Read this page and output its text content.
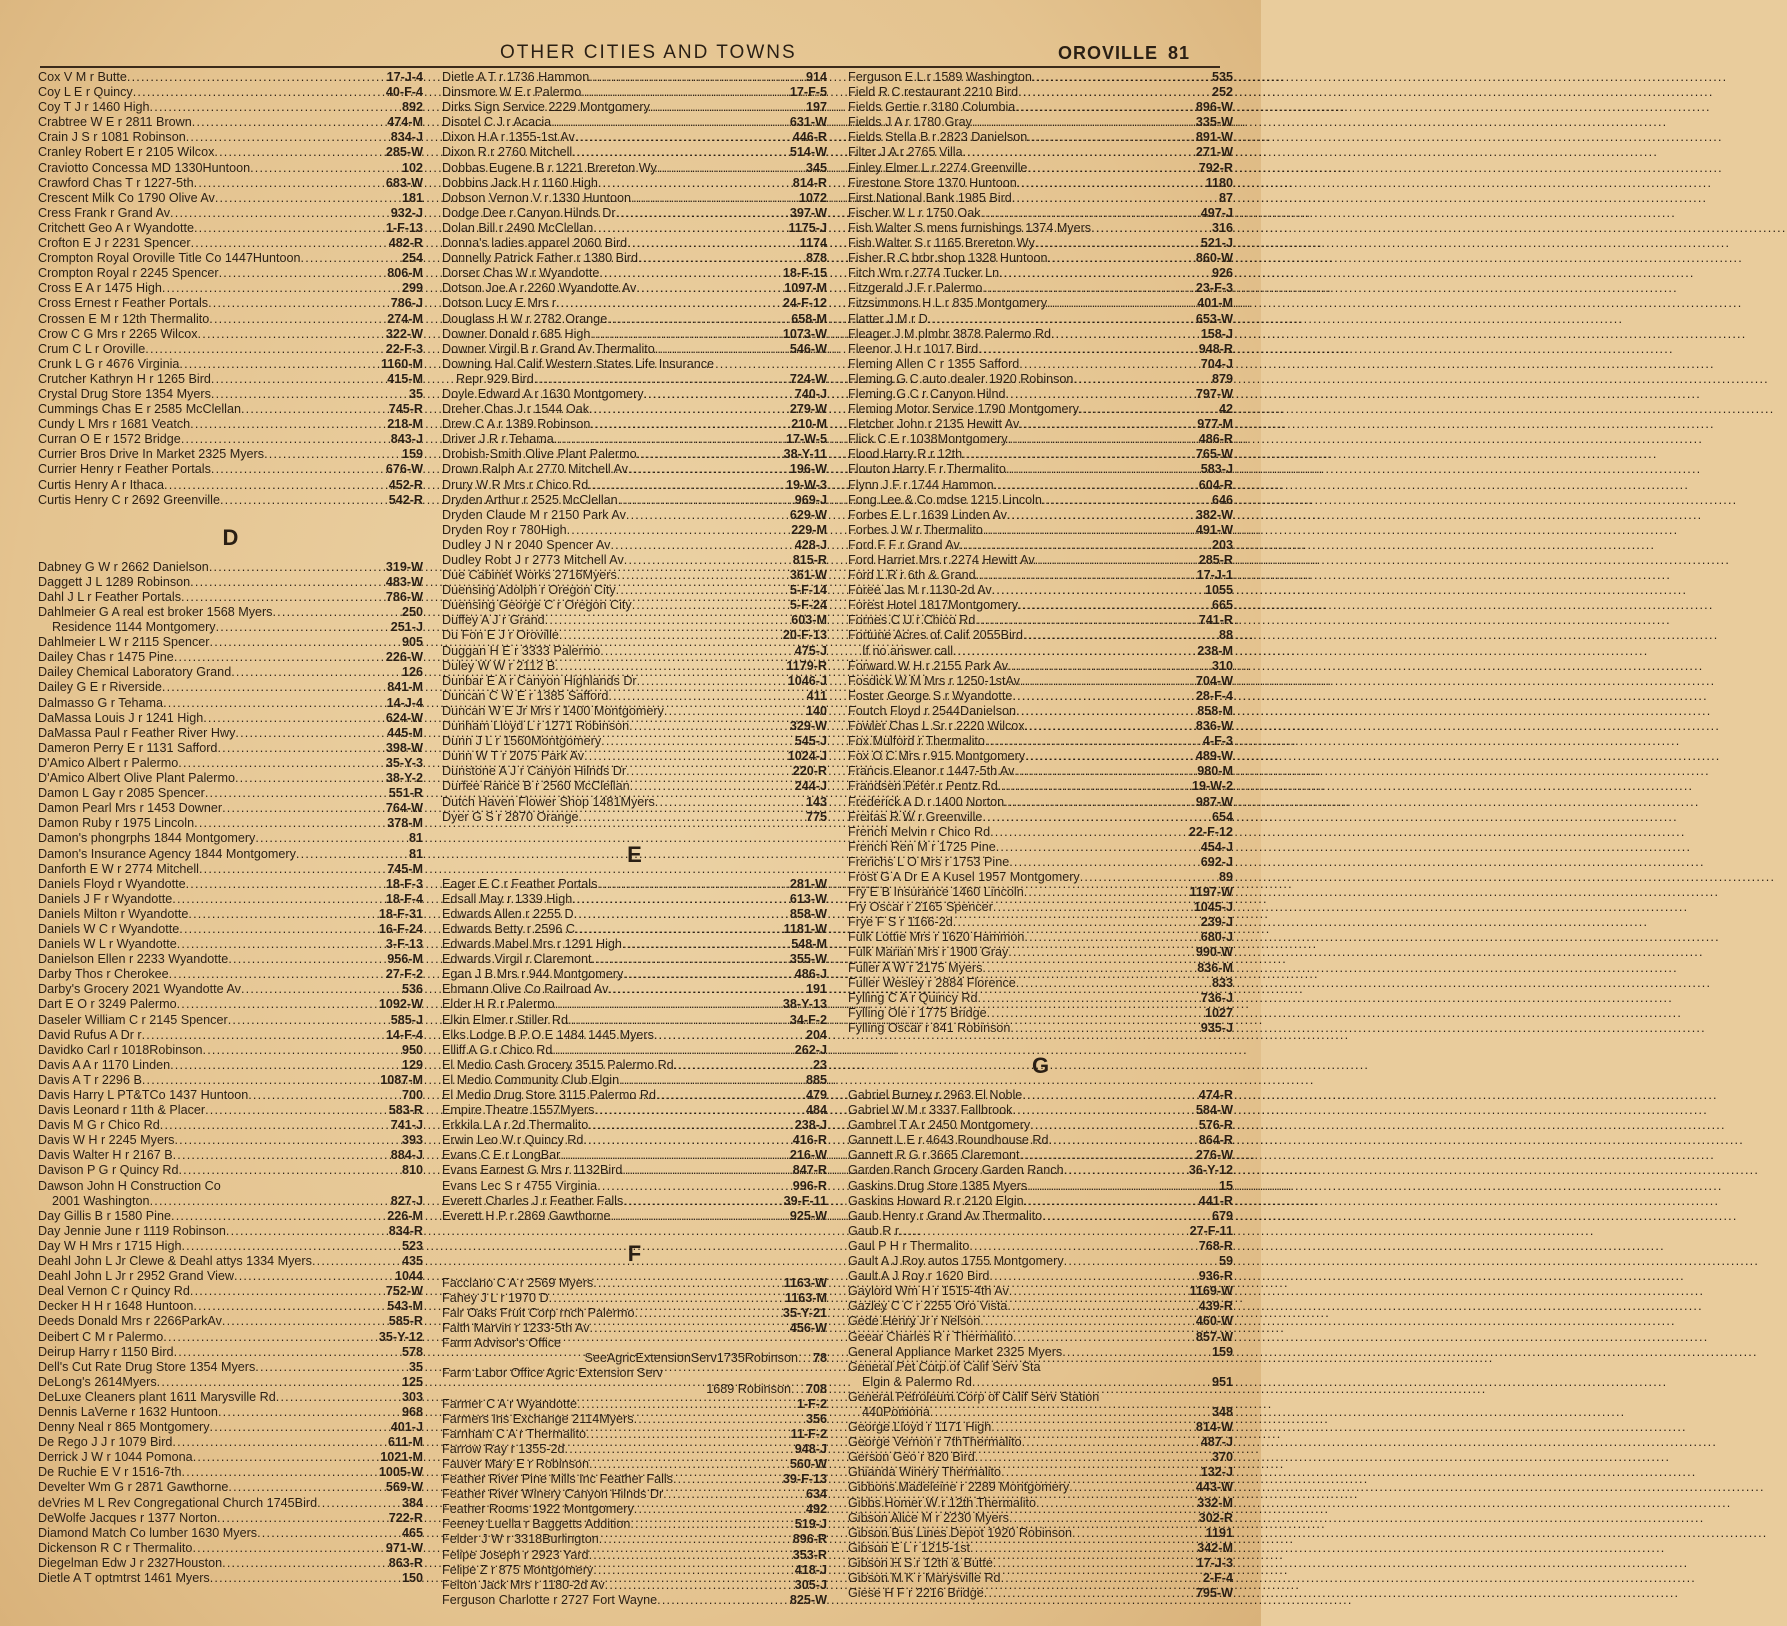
OTHER CITIES AND TOWNS	OROVILLE 81
Cox V M r Butte .....	17-J-4
Coy L E r Quincy .....	40-F-4
Coy T J r 1460 High .....	892
Crabtree W E r 2811 Brown .....	474-M
Crain J S r 1081 Robinson .....	834-J
Cranley Robert E r 2105 Wilcox .....	285-W
Craviotto Concessa MD 1330Huntoon .....	102
Crawford Chas T r 1227-5th .....	683-W
Crescent Milk Co 1790 Olive Av .....	181
Cress Frank r Grand Av .....	932-J
Critchett Geo A r Wyandotte .....	1-F-13
Crofton E J r 2231 Spencer .....	482-R
Crompton Royal Oroville Title Co 1447Huntoon .....	254
Crompton Royal r 2245 Spencer .....	806-M
Cross E A r 1475 High .....	299
Cross Ernest r Feather Portals .....	786-J
Crossen E M r 12th Thermalito .....	274-M
Crow C G Mrs r 2265 Wilcox .....	322-W
Crum C L r Oroville .....	22-F-3
Crunk L G r 4676 Virginia .....	1160-M
Crutcher Kathryn H r 1265 Bird .....	415-M
Crystal Drug Store 1354 Myers .....	35
Cummings Chas E r 2585 McClellan .....	745-R
Cundy L Mrs r 1681 Veatch .....	218-M
Curran O E r 1572 Bridge .....	843-J
Currier Bros Drive In Market 2325 Myers .....	159
Currier Henry r Feather Portals .....	676-W
Curtis Henry A r Ithaca .....	452-R
Curtis Henry C r 2692 Greenville .....	542-R
D
Dabney G W r 2662 Danielson .....	319-W
Daggett J L 1289 Robinson .....	483-W
Dahl J L r Feather Portals .....	786-W
Dahlmeier G A real est broker 1568 Myers .....	250
Residence 1144 Montgomery .....	251-J
Dahlmeier L W r 2115 Spencer .....	905
Dailey Chas r 1475 Pine .....	226-W
Dailey Chemical Laboratory Grand .....	126
Dailey G E r Riverside .....	841-M
Dalmasso G r Tehama .....	14-J-4
DaMassa Louis J r 1241 High .....	624-W
DaMassa Paul r Feather River Hwy .....	445-M
Dameron Perry E r 1131 Safford .....	398-W
D'Amico Albert r Palermo .....	35-Y-3
D'Amico Albert Olive Plant Palermo .....	38-Y-2
Damon L Gay r 2085 Spencer .....	551-R
Damon Pearl Mrs r 1453 Downer .....	764-W
Damon Ruby r 1975 Lincoln .....	378-M
Damon's phongrphs 1844 Montgomery .....	81
Damon's Insurance Agency 1844 Montgomery .....	81
Danforth E W r 2774 Mitchell .....	745-M
Daniels Floyd r Wyandotte .....	18-F-3
Daniels J F r Wyandotte .....	18-F-4
Daniels Milton r Wyandotte .....	18-F-31
Daniels W C r Wyandotte .....	16-F-24
Daniels W L r Wyandotte .....	3-F-13
Danielson Ellen r 2233 Wyandotte .....	956-M
Darby Thos r Cherokee .....	27-F-2
Darby's Grocery 2021 Wyandotte Av .....	536
Dart E O r 3249 Palermo .....	1092-W
Daseler William C r 2145 Spencer .....	585-J
David Rufus A Dr r .....	14-F-4
Davidko Carl r 1018Robinson .....	950
Davis A A r 1170 Linden .....	129
Davis A T r 2296 B .....	1087-M
Davis Harry L PT&TCo 1437 Huntoon .....	700
Davis Leonard r 11th & Placer .....	583-R
Davis M G r Chico Rd .....	741-J
Davis W H r 2245 Myers .....	393
Davis Walter H r 2167 B .....	884-J
Davison P G r Quincy Rd .....	810
Dawson John H Construction Co
2001 Washington .....	827-J
Day Gillis B r 1580 Pine .....	226-M
Day Jennie June r 1119 Robinson .....	834-R
Day W H Mrs r 1715 High .....	523
Deahl John L Jr Clewe & Deahl attys 1334 Myers .....	435
Deahl John L Jr r 2952 Grand View .....	1044
Deal Vernon C r Quincy Rd .....	752-W
Decker H H r 1648 Huntoon .....	543-M
Deeds Donald Mrs r 2266ParkAv .....	585-R
Deibert C M r Palermo .....	35-Y-12
Deirup Harry r 1150 Bird .....	578
Dell's Cut Rate Drug Store 1354 Myers .....	35
DeLong's 2614Myers .....	125
DeLuxe Cleaners plant 1611 Marysville Rd .....	303
Dennis LaVerne r 1632 Huntoon .....	968
Denny Neal r 865 Montgomery .....	401-J
De Rego J J r 1079 Bird .....	611-M
Derrick J W r 1044 Pomona .....	1021-M
De Ruchie E V r 1516-7th .....	1005-W
Develter Wm G r 2871 Gawthorne .....	569-W
deVries M L Rev Congregational Church 1745Bird .....	384
DeWolfe Jacques r 1377 Norton .....	722-R
Diamond Match Co lumber 1630 Myers .....	465
Dickenson R C r Thermalito .....	971-W
Diegelman Edw J r 2327Houston .....	863-R
Dietle A T optmtrst 1461 Myers .....	150
Dietle A T r 1736 Hammon .....	914
Dinsmore W E r Palermo .....	17-F-5
Dirks Sign Service 2229 Montgomery .....	197
Disotel C J r Acacia .....	631-W
Dixon H A r 1355-1st Av .....	446-R
Dixon R r 2760 Mitchell .....	514-W
Dobbas Eugene B r 1221 Brereton Wy .....	345
Dobbins Jack H r 1160 High .....	814-R
Dobson Vernon V r 1330 Huntoon .....	1072
Dodge Dee r Canyon Hilnds Dr .....	397-W
Dolan Bill r 2490 McClellan .....	1175-J
Donna's ladies apparel 2060 Bird .....	1174
Donnelly Patrick Father r 1380 Bird .....	878
Dorser Chas W r Wyandotte .....	18-F-15
Dotson Joe A r 2260 Wyandotte Av .....	1097-M
Dotson Lucy E Mrs r .....	24-F-12
Douglass H W r 2782 Orange .....	658-M
Downer Donald r 685 High .....	1073-W
Downer Virgil B r Grand Av Thermalito .....	546-W
Downing Hal Calif Western States Life Insurance
Repr 929 Bird .....	724-W
Doyle Edward A r 1630 Montgomery .....	740-J
Dreher Chas J r 1544 Oak .....	279-W
Drew C A r 1389 Robinson .....	210-M
Driver J R r Tehama .....	17-W-5
Drobish-Smith Olive Plant Palermo .....	38-Y-11
Drown Ralph A r 2770 Mitchell Av .....	196-W
Drury W R Mrs r Chico Rd .....	19-W-3
Dryden Arthur r 2525 McClellan .....	969-J
Dryden Claude M r 2150 Park Av .....	629-W
Dryden Roy r 780High .....	229-M
Dudley J N r 2040 Spencer Av .....	428-J
Dudley Robt J r 2773 Mitchell Av .....	815-R
Due Cabinet Works 2716Myers .....	361-W
Duensing Adolph r Oregon City .....	5-F-14
Duensing George C r Oregon City .....	5-F-24
Duffey A J r Grand .....	603-M
Du Fon E J r Oroville .....	20-F-13
Duggan H E r 3333 Palermo .....	475-J
Duley W W r 2112 B .....	1179-R
Dunbar E A r Canyon Highlands Dr .....	1046-J
Duncan C W E r 1385 Safford .....	411
Duncan W E Jr Mrs r 1400 Montgomery .....	140
Dunham Lloyd L r 1271 Robinson .....	329-W
Dunn J L r 1560Montgomery .....	545-J
Dunn W T r 2075 Park Av .....	1024-J
Dunstone A J r Canyon Hilnds Dr .....	220-R
Durfee Rance B r 2560 McClellan .....	244-J
Dutch Haven Flower Shop 1481Myers .....	143
Dyer G S r 2870 Orange .....	775
E
Eager E C r Feather Portals .....	281-W
Edsall May r 1339 High .....	613-W
Edwards Allen r 2255 D .....	858-W
Edwards Betty r 2596 C .....	1181-W
Edwards Mabel Mrs r 1291 High .....	548-M
Edwards Virgil r Claremont .....	355-W
Egan J B Mrs r 944 Montgomery .....	486-J
Ehmann Olive Co Railroad Av .....	191
Elder H R r Palermo .....	38-Y-13
Elkin Elmer r Stiller Rd .....	34-F-2
Elks Lodge B P O E 1484 1445 Myers .....	204
Elliff A G r Chico Rd .....	262-J
El Medio Cash Grocery 3515 Palermo Rd .....	23
El Medio Community Club Elgin .....	885
El Medio Drug Store 3115 Palermo Rd .....	479
Empire Theatre 1557Myers .....	484
Erkkila L A r 2d Thermalito .....	238-J
Erwin Leo W r Quincy Rd .....	416-R
Evans C E r LongBar .....	216-W
Evans Earnest G Mrs r 1132Bird .....	847-R
Evans Lec S r 4755 Virginia .....	996-R
Everett Charles J r Feather Falls .....	39-F-11
Everett H P r 2869 Gawthorne .....	925-W
F
Facciano C A r 2569 Myers .....	1163-W
Fahey J L r 1970 D .....	1163-M
Fair Oaks Fruit Corp rnch Palermo .....	35-Y-21
Faith Marvin r 1233-5th Av .....	456-W
Farm Advisor's Office
SeeAgricExtensionServ1735Robinson ..... 78
Farm Labor Office Agric Extension Serv
1689 Robinson ..... 708
Farmer C A r Wyandotte .....	1-F-2
Farmers Ins Exchange 2114Myers .....	356
Farnham C A r Thermalito .....	11-F-2
Farrow Ray r 1355-2d .....	948-J
Fauver Mary E r Robinson .....	560-W
Feather River Pine Mills Inc Feather Falls .....	39-F-13
Feather River Winery Canyon Hilnds Dr .....	634
Feather Rooms 1922 Montgomery .....	492
Feeney Luella r Baggetts Addition .....	519-J
Felder J W r 3318Burlington .....	896-R
Felipe Joseph r 2923 Yard .....	353-R
Felipe Z r 875 Montgomery .....	418-J
Felton Jack Mrs r 1180-2d Av .....	305-J
Ferguson Charlotte r 2727 Fort Wayne .....	825-W
Ferguson E L r 1589 Washington .....	535
Field R C restaurant 2210 Bird .....	252
Fields Gertie r 3180 Columbia .....	896-W
Fields J A r 1780 Gray .....	335-W
Fields Stella B r 2823 Danielson .....	891-W
Filter J A r 2765 Villa .....	271-W
Finley Elmer L r 2274 Greenville .....	792-R
Firestone Store 1370 Huntoon .....	1180
First National Bank 1985 Bird .....	87
Fischer W L r 1750 Oak .....	497-J
Fish Walter S mens furnishings 1374 Myers .....	316
Fish Walter S r 1165 Brereton Wy .....	521-J
Fisher R C brbr shop 1328 Huntoon .....	860-W
Fitch Wm r 2774 Tucker Ln .....	926
Fitzgerald J F r Palermo .....	23-F-3
Fitzsimmons H L r 835 Montgomery .....	401-M
Flatter J M r D .....	653-W
Fleager J M plmbr 3878 Palermo Rd .....	158-J
Fleenor J H r 1017 Bird .....	948-R
Fleming Allen C r 1355 Safford .....	704-J
Fleming G C auto dealer 1920 Robinson .....	879
Fleming G C r Canyon Hilnd .....	797-W
Fleming Motor Service 1790 Montgomery .....	42
Fletcher John r 2135 Hewitt Av .....	977-M
Flick C E r 1038Montgomery .....	486-R
Flood Harry R r 12th .....	765-W
Flouton Harry F r Thermalito .....	583-J
Flynn J F r 1744 Hammon .....	604-R
Fong Lee & Co mdse 1215 Lincoln .....	646
Forbes E L r 1639 Linden Av .....	382-W
Forbes J W r Thermalito .....	491-W
Ford F F r Grand Av .....	203
Ford Harriet Mrs r 2274 Hewitt Av .....	285-R
Ford L R r 6th & Grand .....	17-J-1
Foree Jas M r 1130-2d Av .....	1055
Forest Hotel 1817Montgomery .....	665
Fornes C U r Chico Rd .....	741-R
Fortune Acres of Calif 2055Bird .....	88
If no answer call .....	238-M
Forward W H r 2155 Park Av .....	310
Fosdick W M Mrs r 1250-1stAv .....	704-W
Foster George S r Wyandotte .....	28-F-4
Foutch Floyd r 2544Danielson .....	858-M
Fowler Chas L Sr r 2220 Wilcox .....	836-W
Fox Mulford r Thermalito .....	4-F-3
Fox O C Mrs r 915 Montgomery .....	489-W
Francis Eleanor r 1447-5th Av .....	980-M
Frandsen Peter r Pentz Rd .....	19-W-2
Frederick A D r 1400 Norton .....	987-W
Freitas R W r Greenville .....	654
French Melvin r Chico Rd .....	22-F-12
French Ren M r 1725 Pine .....	454-J
Frerichs L O Mrs r 1753 Pine .....	692-J
Frost G A Dr E A Kusel 1957 Montgomery .....	89
Fry E B Insurance 1460 Lincoln .....	1197-W
Fry Oscar r 2165 Spencer .....	1045-J
Frye F S r 1166-2d .....	239-J
Fulk Lottie Mrs r 1620 Hammon .....	680-J
Fulk Marian Mrs r 1900 Gray .....	990-W
Fuller A W r 2175 Myers .....	836-M
Fuller Wesley r 2884 Florence .....	833
Fylling C A r Quincy Rd .....	736-J
Fylling Ole r 1775 Bridge .....	1027
Fylling Oscar r 841 Robinson .....	935-J
G
Gabriel Burney r 2963 El Noble .....	474-R
Gabriel W M r 3337 Fallbrook .....	584-W
Gambrel T A r 2450 Montgomery .....	576-R
Gannett L E r 4643 Roundhouse Rd .....	864-R
Gannett R G r 3665 Claremont .....	276-W
Garden Ranch Grocery Garden Ranch .....	36-Y-12
Gaskins Drug Store 1385 Myers .....	15
Gaskins Howard R r 2120 Elgin .....	441-R
Gaub Henry r Grand Av Thermalito .....	679
Gaub R r .....	27-F-11
Gaul P H r Thermalito .....	768-R
Gault A J Roy autos 1755 Montgomery .....	59
Gault A J Roy r 1620 Bird .....	936-R
Gaylord Wm H r 1515-4th Av .....	1169-W
Gazley C C r 2255 Oro Vista .....	439-R
Gede Henry Jr r Nelson .....	460-W
Geear Charles R r Thermalito .....	857-W
General Appliance Market 2325 Myers .....	159
General Pet Corp of Calif Serv Sta
Elgin & Palermo Rd .....	951
General Petroleum Corp of Calif Serv Station
440Pomona .....	348
George Lloyd r 1171 High .....	814-W
George Vernon r 7thThermalito .....	487-J
Gerson Geo r 820 Bird .....	370
Ghianda Winery Thermalito .....	132-J
Gibbons Madeleine r 2289 Montgomery .....	443-W
Gibbs Homer W r 12th Thermalito .....	332-M
Gibson Alice M r 2230 Myers .....	302-R
Gibson Bus Lines Depot 1920 Robinson .....	1191
Gibson E L r 1215-1st .....	342-M
Gibson H S r 12th & Butte .....	17-J-3
Gibson M K r Marysville Rd .....	2-F-4
Giese H F r 2216 Bridge .....	795-W
